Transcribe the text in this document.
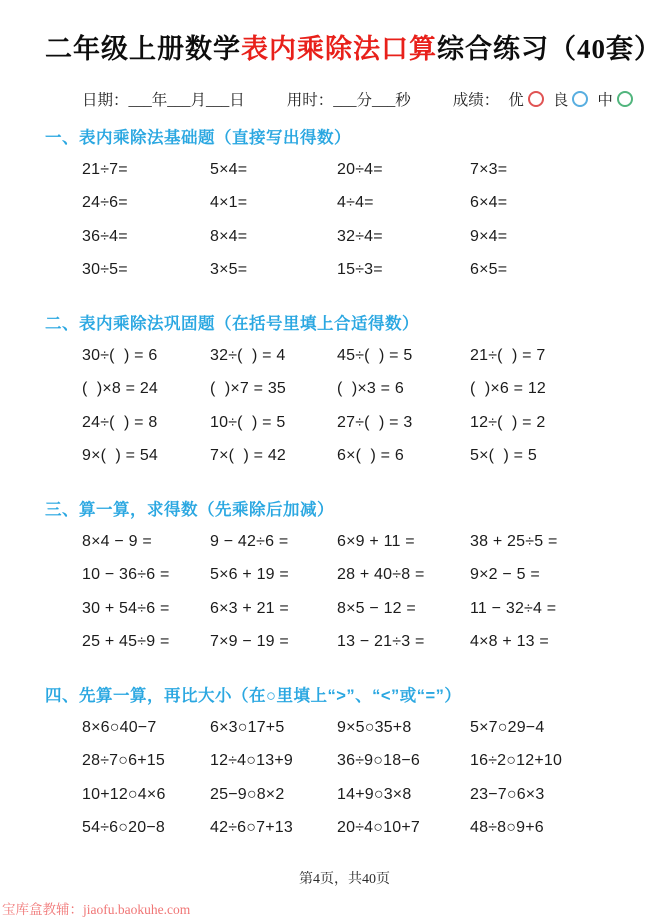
二年级上册数学表内乘除法口算综合练习（40套）
日期：___年___月___日	用时：___分___秒	成绩： 优 良 中
一、表内乘除法基础题（直接写出得数）
21÷7=	5×4=	20÷4=	7×3=
24÷6=	4×1=	4÷4=	6×4=
36÷4=	8×4=	32÷4=	9×4=
30÷5=	3×5=	15÷3=	6×5=
二、表内乘除法巩固题（在括号里填上合适得数）
30÷(  ) = 6	32÷(  ) = 4	45÷(  ) = 5	21÷(  ) = 7
(  )×8 = 24	(  )×7 = 35	(  )×3 = 6	(  )×6 = 12
24÷(  ) = 8	10÷(  ) = 5	27÷(  ) = 3	12÷(  ) = 2
9×(  ) = 54	7×(  ) = 42	6×(  ) = 6	5×(  ) = 5
三、算一算，求得数（先乘除后加减）
8×4 − 9 =	9 − 42÷6 =	6×9 + 11 =	38 + 25÷5 =
10 − 36÷6 =	5×6 + 19 =	28 + 40÷8 =	9×2 − 5 =
30 + 54÷6 =	6×3 + 21 =	8×5 − 12 =	11 − 32÷4 =
25 + 45÷9 =	7×9 − 19 =	13 − 21÷3 =	4×8 + 13 =
四、先算一算，再比大小（在○里填上“>”、“<”或“=”）
8×6○40−7	6×3○17+5	9×5○35+8	5×7○29−4
28÷7○6+15	12÷4○13+9	36÷9○18−6	16÷2○12+10
10+12○4×6	25−9○8×2	14+9○3×8	23−7○6×3
54÷6○20−8	42÷6○7+13	20÷4○10+7	48÷8○9+6
第4页，共40页
宝库盒教辅：jiaofu.baokuhe.com
